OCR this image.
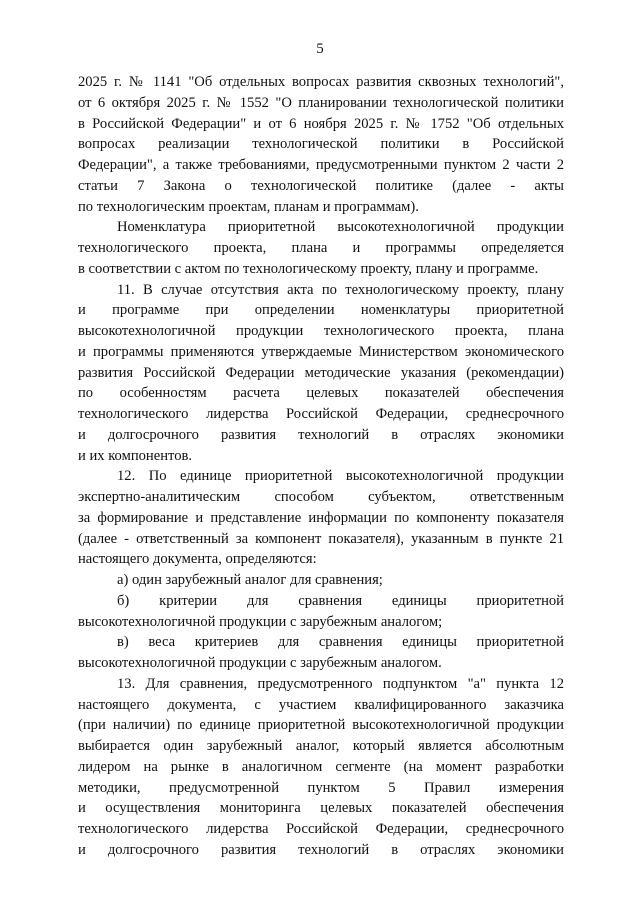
5
2025 г. № 1141 "Об отдельных вопросах развития сквозных технологий",
от 6 октября 2025 г. № 1552 "О планировании технологической политики
в Российской Федерации" и от 6 ноября 2025 г. № 1752 "Об отдельных
вопросах реализации технологической политики в Российской
Федерации", а также требованиями, предусмотренными пунктом 2 части 2
статьи 7 Закона о технологической политике (далее - акты
по технологическим проектам, планам и программам).
Номенклатура приоритетной высокотехнологичной продукции
технологического проекта, плана и программы определяется
в соответствии с актом по технологическому проекту, плану и программе.
11. В случае отсутствия акта по технологическому проекту, плану
и программе при определении номенклатуры приоритетной
высокотехнологичной продукции технологического проекта, плана
и программы применяются утверждаемые Министерством экономического
развития Российской Федерации методические указания (рекомендации)
по особенностям расчета целевых показателей обеспечения
технологического лидерства Российской Федерации, среднесрочного
и долгосрочного развития технологий в отраслях экономики
и их компонентов.
12. По единице приоритетной высокотехнологичной продукции
экспертно-аналитическим способом субъектом, ответственным
за формирование и представление информации по компоненту показателя
(далее - ответственный за компонент показателя), указанным в пункте 21
настоящего документа, определяются:
а) один зарубежный аналог для сравнения;
б) критерии для сравнения единицы приоритетной
высокотехнологичной продукции с зарубежным аналогом;
в) веса критериев для сравнения единицы приоритетной
высокотехнологичной продукции с зарубежным аналогом.
13. Для сравнения, предусмотренного подпунктом "а" пункта 12
настоящего документа, с участием квалифицированного заказчика
(при наличии) по единице приоритетной высокотехнологичной продукции
выбирается один зарубежный аналог, который является абсолютным
лидером на рынке в аналогичном сегменте (на момент разработки
методики, предусмотренной пунктом 5 Правил измерения
и осуществления мониторинга целевых показателей обеспечения
технологического лидерства Российской Федерации, среднесрочного
и долгосрочного развития технологий в отраслях экономики
